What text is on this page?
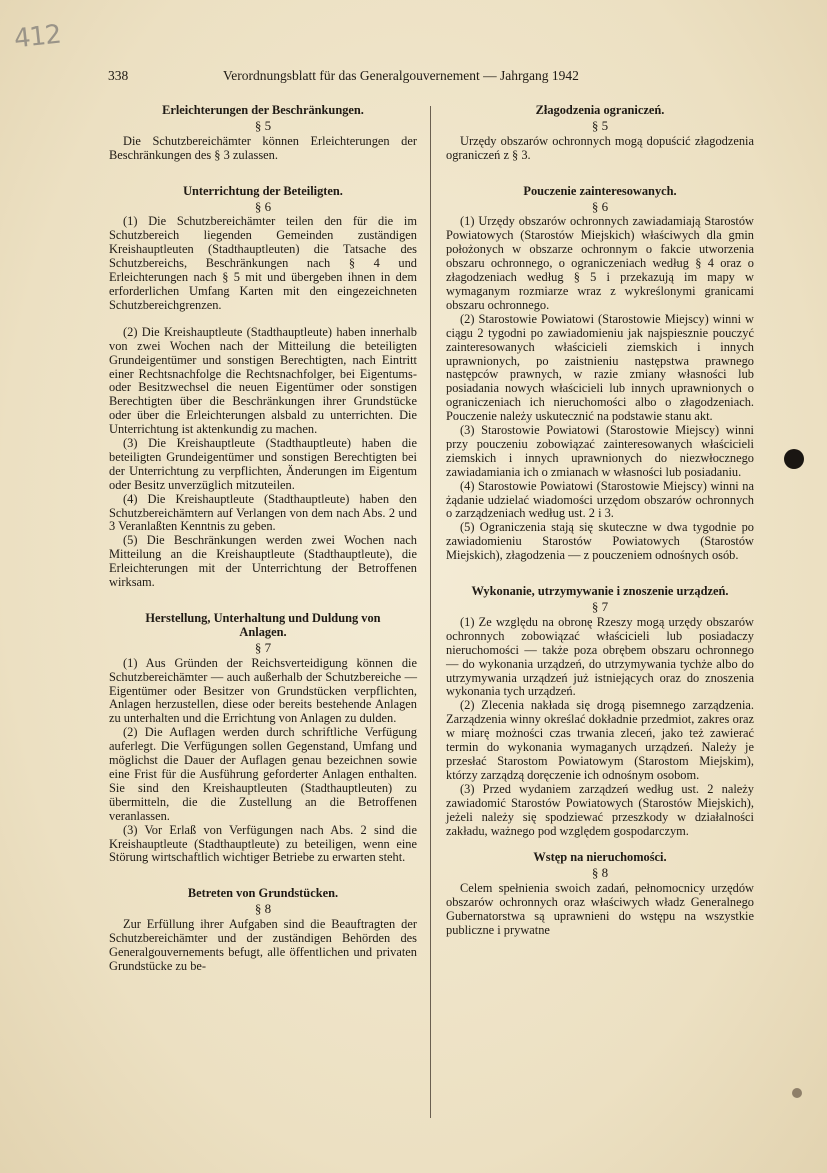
412
338	Verordnungsblatt für das Generalgouvernement — Jahrgang 1942

Erleichterungen der Beschränkungen.

§ 5

Die Schutzbereichämter können Erleichterungen der Beschränkungen des § 3 zulassen.

Unterrichtung der Beteiligten.

§ 6

(1) Die Schutzbereichämter teilen den für die im Schutzbereich liegenden Gemeinden zuständigen Kreishauptleuten (Stadthauptleuten) die Tatsache des Schutzbereichs, Beschränkungen nach § 4 und Erleichterungen nach § 5 mit und übergeben ihnen in dem erforderlichen Umfang Karten mit den eingezeichneten Schutzbereichgrenzen.

(2) Die Kreishauptleute (Stadthauptleute) haben innerhalb von zwei Wochen nach der Mitteilung die beteiligten Grundeigentümer und sonstigen Berechtigten, nach Eintritt einer Rechtsnachfolge die Rechtsnachfolger, bei Eigentums- oder Besitzwechsel die neuen Eigentümer oder sonstigen Berechtigten über die Beschränkungen ihrer Grundstücke oder über die Erleichterungen alsbald zu unterrichten. Die Unterrichtung ist aktenkundig zu machen.

(3) Die Kreishauptleute (Stadthauptleute) haben die beteiligten Grundeigentümer und sonstigen Berechtigten bei der Unterrichtung zu verpflichten, Änderungen im Eigentum oder Besitz unverzüglich mitzuteilen.

(4) Die Kreishauptleute (Stadthauptleute) haben den Schutzbereichämtern auf Verlangen von dem nach Abs. 2 und 3 Veranlaßten Kenntnis zu geben.

(5) Die Beschränkungen werden zwei Wochen nach Mitteilung an die Kreishauptleute (Stadthauptleute), die Erleichterungen mit der Unterrichtung der Betroffenen wirksam.

Herstellung, Unterhaltung und Duldung von Anlagen.

§ 7

(1) Aus Gründen der Reichsverteidigung können die Schutzbereichämter — auch außerhalb der Schutzbereiche — Eigentümer oder Besitzer von Grundstücken verpflichten, Anlagen herzustellen, diese oder bereits bestehende Anlagen zu unterhalten und die Errichtung von Anlagen zu dulden.

(2) Die Auflagen werden durch schriftliche Verfügung auferlegt. Die Verfügungen sollen Gegenstand, Umfang und möglichst die Dauer der Auflagen genau bezeichnen sowie eine Frist für die Ausführung geforderter Anlagen enthalten. Sie sind den Kreishauptleuten (Stadthauptleuten) zu übermitteln, die die Zustellung an die Betroffenen veranlassen.

(3) Vor Erlaß von Verfügungen nach Abs. 2 sind die Kreishauptleute (Stadthauptleute) zu beteiligen, wenn eine Störung wirtschaftlich wichtiger Betriebe zu erwarten steht.

Betreten von Grundstücken.

§ 8

Zur Erfüllung ihrer Aufgaben sind die Beauftragten der Schutzbereichämter und der zuständigen Behörden des Generalgouvernements befugt, alle öffentlichen und privaten Grundstücke zu be-

Złagodzenia ograniczeń.

§ 5

Urzędy obszarów ochronnych mogą dopuścić złagodzenia ograniczeń z § 3.

Pouczenie zainteresowanych.

§ 6

(1) Urzędy obszarów ochronnych zawiadamiają Starostów Powiatowych (Starostów Miejskich) właściwych dla gmin położonych w obszarze ochronnym o fakcie utworzenia obszaru ochronnego, o ograniczeniach według § 4 oraz o złagodzeniach według § 5 i przekazują im mapy w wymaganym rozmiarze wraz z wykreślonymi granicami obszaru ochronnego.

(2) Starostowie Powiatowi (Starostowie Miejscy) winni w ciągu 2 tygodni po zawiadomieniu jak najspiesznie pouczyć zainteresowanych właścicieli ziemskich i innych uprawnionych, po zaistnieniu następstwa prawnego następców prawnych, w razie zmiany własności lub posiadania nowych właścicieli lub innych uprawnionych o ograniczeniach ich nieruchomości albo o złagodzeniach. Pouczenie należy uskutecznić na podstawie stanu akt.

(3) Starostowie Powiatowi (Starostowie Miejscy) winni przy pouczeniu zobowiązać zainteresowanych właścicieli ziemskich i innych uprawnionych do niezwłocznego zawiadamiania ich o zmianach w własności lub posiadaniu.

(4) Starostowie Powiatowi (Starostowie Miejscy) winni na żądanie udzielać wiadomości urzędom obszarów ochronnych o zarządzeniach według ust. 2 i 3.

(5) Ograniczenia stają się skuteczne w dwa tygodnie po zawiadomieniu Starostów Powiatowych (Starostów Miejskich), złagodzenia — z pouczeniem odnośnych osób.

Wykonanie, utrzymywanie i znoszenie urządzeń.

§ 7

(1) Ze względu na obronę Rzeszy mogą urzędy obszarów ochronnych zobowiązać właścicieli lub posiadaczy nieruchomości — także poza obrębem obszaru ochronnego — do wykonania urządzeń, do utrzymywania tychże albo do utrzymywania urządzeń już istniejących oraz do znoszenia wykonania tych urządzeń.

(2) Zlecenia nakłada się drogą pisemnego zarządzenia. Zarządzenia winny określać dokładnie przedmiot, zakres oraz w miarę możności czas trwania zleceń, jako też zawierać termin do wykonania wymaganych urządzeń. Należy je przesłać Starostom Powiatowym (Starostom Miejskim), którzy zarządzą doręczenie ich odnośnym osobom.

(3) Przed wydaniem zarządzeń według ust. 2 należy zawiadomić Starostów Powiatowych (Starostów Miejskich), jeżeli należy się spodziewać przeszkody w działalności zakładu, ważnego pod względem gospodarczym.

Wstęp na nieruchomości.

§ 8

Celem spełnienia swoich zadań, pełnomocnicy urzędów obszarów ochronnych oraz właściwych władz Generalnego Gubernatorstwa są uprawnieni do wstępu na wszystkie publiczne i prywatne
